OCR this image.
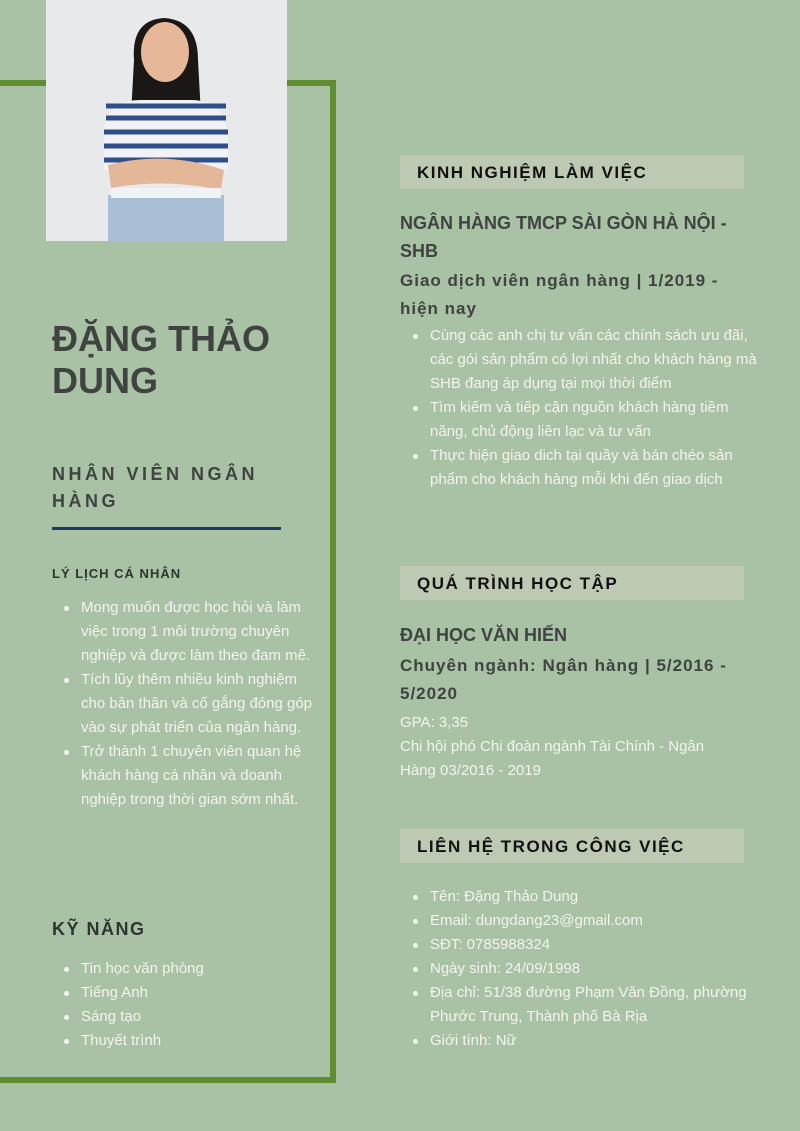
ĐẶNG THẢO DUNG
NHÂN VIÊN NGÂN HÀNG
LÝ LỊCH CÁ NHÂN
Mong muốn được học hỏi và làm việc trong 1 môi trường chuyên nghiệp và được làm theo đam mê.
Tích lũy thêm nhiều kinh nghiệm cho bản thân và cố gắng đóng góp vào sự phát triển của ngân hàng.
Trở thành 1 chuyên viên quan hệ khách hàng cá nhân và doanh nghiệp trong thời gian sớm nhất.
KỸ NĂNG
Tin học văn phòng
Tiếng Anh
Sáng tạo
Thuyết trình
KINH NGHIỆM LÀM VIỆC
NGÂN HÀNG TMCP SÀI GÒN HÀ NỘI - SHB
Giao dịch viên ngân hàng | 1/2019 - hiện nay
Cùng các anh chị tư vấn các chính sách ưu đãi, các gói sản phẩm có lợi nhất cho khách hàng mà SHB đang áp dụng tại mọi thời điểm
Tìm kiếm và tiếp cận nguồn khách hàng tiềm năng, chủ động liên lạc và tư vấn
Thực hiện giao dich tại quầy và bán chéo sản phẩm cho khách hàng mỗi khi đến giao dịch
QUÁ TRÌNH HỌC TẬP
ĐẠI HỌC VĂN HIẾN
Chuyên ngành: Ngân hàng | 5/2016 - 5/2020
GPA: 3,35
Chi hội phó Chi đoàn ngành Tài Chính - Ngân Hàng 03/2016 - 2019
LIÊN HỆ TRONG CÔNG VIỆC
Tên: Đặng Thảo Dung
Email: dungdang23@gmail.com
SĐT: 0785988324
Ngày sinh: 24/09/1998
Địa chỉ: 51/38 đường Phạm Văn Đồng, phường Phước Trung, Thành phố Bà Rịa
Giới tính: Nữ
